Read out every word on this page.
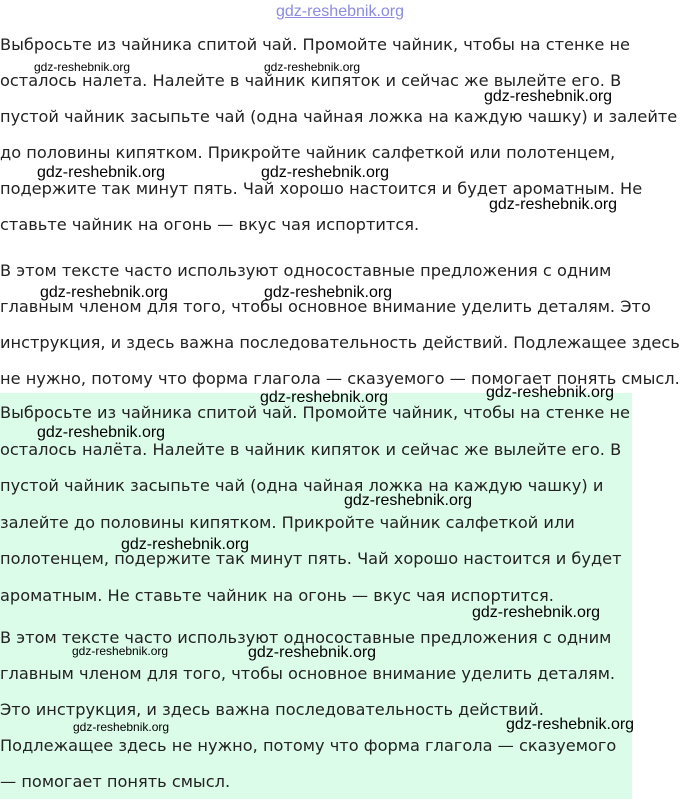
gdz-reshebnik.org

Выбросьте из чайника спитой чай. Промойте чайник, чтобы на стенке не осталось налета. Налейте в чайник кипяток и сейчас же вылейте его. В пустой чайник засыпьте чай (одна чайная ложка на каждую чашку) и залейте до половины кипятком. Прикройте чайник салфеткой или полотенцем, подержите так минут пять. Чай хорошо настоится и будет ароматным. Не ставьте чайник на огонь — вкус чая испортится.

В этом тексте часто используют односоставные предложения с одним главным членом для того, чтобы основное внимание уделить деталям. Это инструкция, и здесь важна последовательность действий. Подлежащее здесь не нужно, потому что форма глагола — сказуемого — помогает понять смысл.

Выбросьте из чайника спитой чай. Промойте чайник, чтобы на стенке не осталось налёта. Налейте в чайник кипяток и сейчас же вылейте его. В пустой чайник засыпьте чай (одна чайная ложка на каждую чашку) и залейте до половины кипятком. Прикройте чайник салфеткой или полотенцем, подержите так минут пять. Чай хорошо настоится и будет ароматным. Не ставьте чайник на огонь — вкус чая испортится.

В этом тексте часто используют односоставные предложения с одним главным членом для того, чтобы основное внимание уделить деталям. Это инструкция, и здесь важна последовательность действий. Подлежащее здесь не нужно, потому что форма глагола — сказуемого — помогает понять смысл.

gdz-reshebnik.org	gdz-reshebnik.org
gdz-reshebnik.org
gdz-reshebnik.org	gdz-reshebnik.org
gdz-reshebnik.org
gdz-reshebnik.org	gdz-reshebnik.org
gdz-reshebnik.org
gdz-reshebnik.org
gdz-reshebnik.org
gdz-reshebnik.org
gdz-reshebnik.org
gdz-reshebnik.org
gdz-reshebnik.org	gdz-reshebnik.org
gdz-reshebnik.org
gdz-reshebnik.org
